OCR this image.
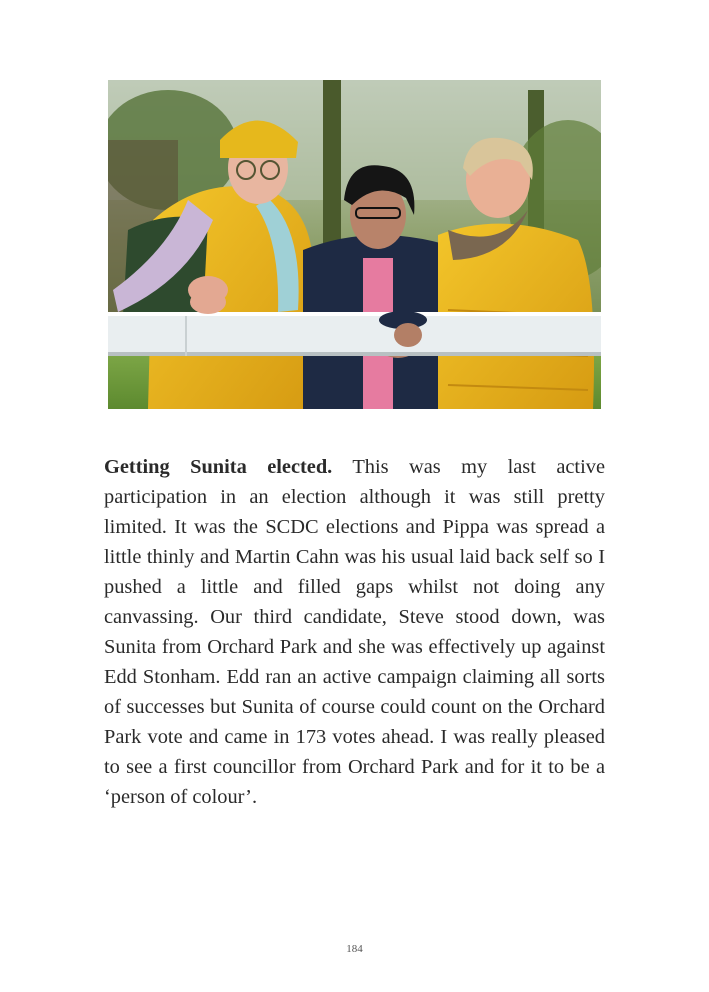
Getting Sunita elected. This was my last active participation in an election although it was still pretty limited. It was the SCDC elections and Pippa was spread a little thinly and Martin Cahn was his usual laid back self so I pushed a little and filled gaps whilst not doing any canvassing. Our third candidate, Steve stood down, was Sunita from Orchard Park and she was effectively up against Edd Stonham. Edd ran an active campaign claiming all sorts of successes but Sunita of course could count on the Orchard Park vote and came in 173 votes ahead. I was really pleased to see a first councillor from Orchard Park and for it to be a ‘person of colour’.

184
